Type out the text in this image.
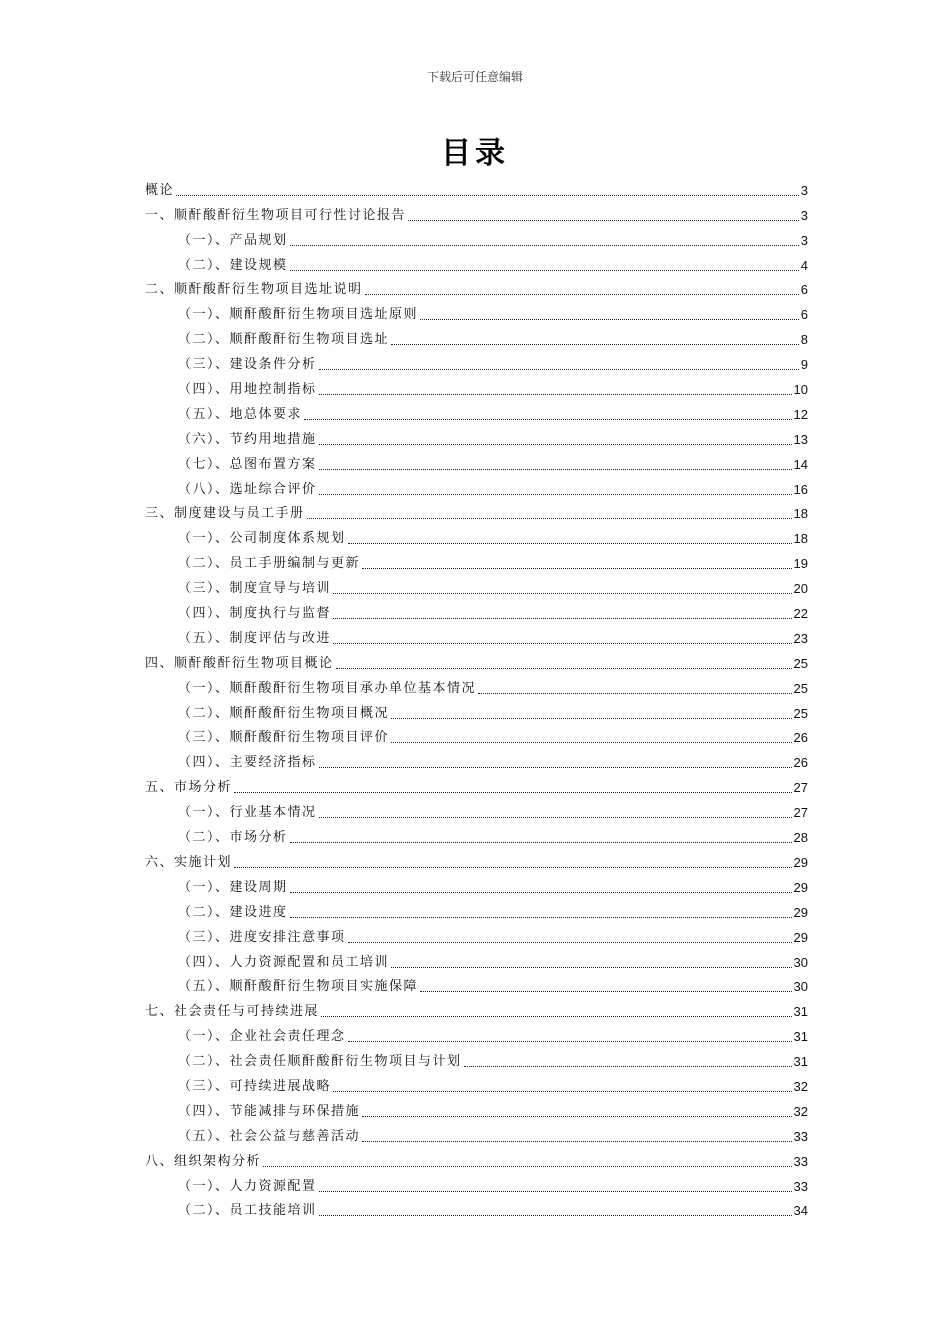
下载后可任意编辑
目录
概论	3
一、顺酐酸酐衍生物项目可行性讨论报告	3
（一）、产品规划	3
（二）、建设规模	4
二、顺酐酸酐衍生物项目选址说明	6
（一）、顺酐酸酐衍生物项目选址原则	6
（二）、顺酐酸酐衍生物项目选址	8
（三）、建设条件分析	9
（四）、用地控制指标	10
（五）、地总体要求	12
（六）、节约用地措施	13
（七）、总图布置方案	14
（八）、选址综合评价	16
三、制度建设与员工手册	18
（一）、公司制度体系规划	18
（二）、员工手册编制与更新	19
（三）、制度宣导与培训	20
（四）、制度执行与监督	22
（五）、制度评估与改进	23
四、顺酐酸酐衍生物项目概论	25
（一）、顺酐酸酐衍生物项目承办单位基本情况	25
（二）、顺酐酸酐衍生物项目概况	25
（三）、顺酐酸酐衍生物项目评价	26
（四）、主要经济指标	26
五、市场分析	27
（一）、行业基本情况	27
（二）、市场分析	28
六、实施计划	29
（一）、建设周期	29
（二）、建设进度	29
（三）、进度安排注意事项	29
（四）、人力资源配置和员工培训	30
（五）、顺酐酸酐衍生物项目实施保障	30
七、社会责任与可持续进展	31
（一）、企业社会责任理念	31
（二）、社会责任顺酐酸酐衍生物项目与计划	31
（三）、可持续进展战略	32
（四）、节能减排与环保措施	32
（五）、社会公益与慈善活动	33
八、组织架构分析	33
（一）、人力资源配置	33
（二）、员工技能培训	34
